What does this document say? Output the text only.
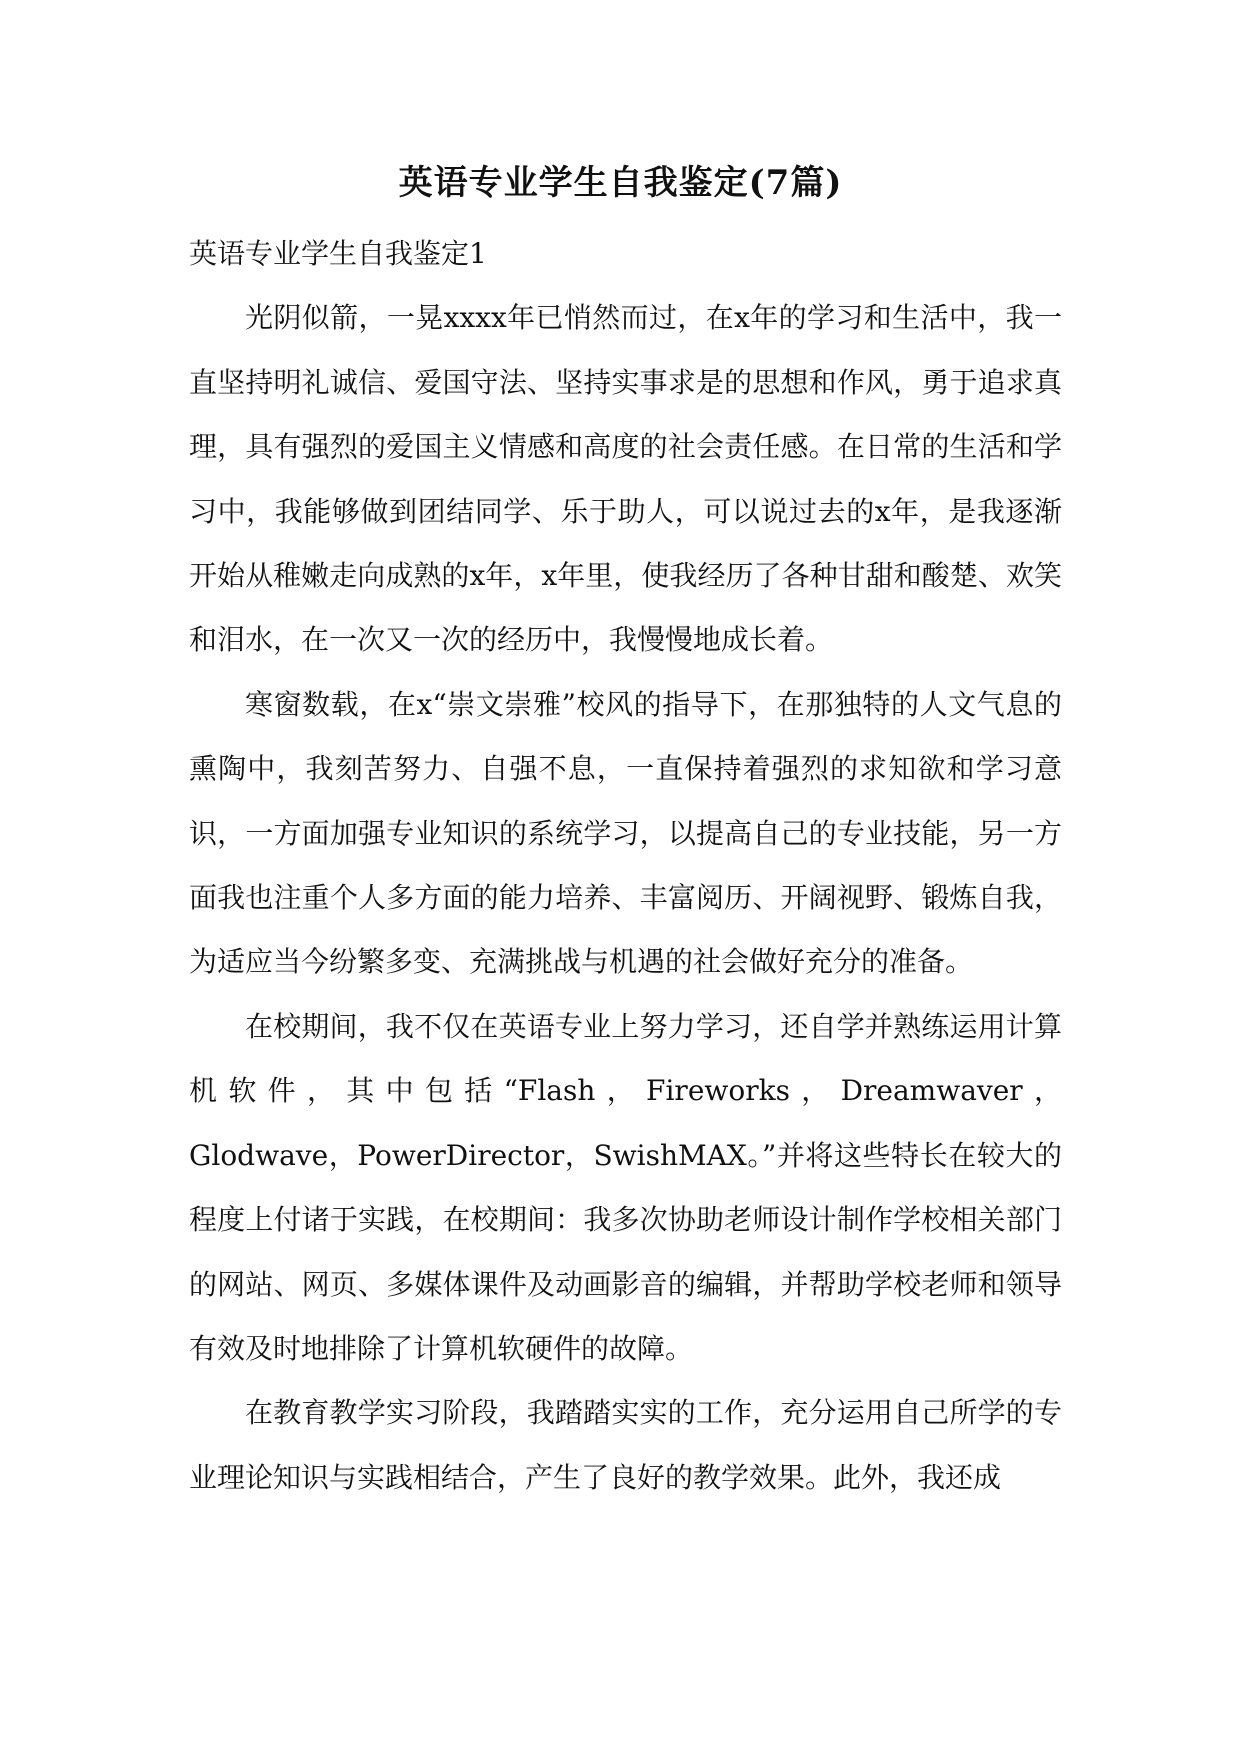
英语专业学生自我鉴定(7篇)

英语专业学生自我鉴定1

光阴似箭，一晃xxxx年已悄然而过，在x年的学习和生活中，我一直坚持明礼诚信、爱国守法、坚持实事求是的思想和作风，勇于追求真理，具有强烈的爱国主义情感和高度的社会责任感。在日常的生活和学习中，我能够做到团结同学、乐于助人，可以说过去的x年，是我逐渐开始从稚嫩走向成熟的x年，x年里，使我经历了各种甘甜和酸楚、欢笑和泪水，在一次又一次的经历中，我慢慢地成长着。

寒窗数载，在x“崇文崇雅”校风的指导下，在那独特的人文气息的熏陶中，我刻苦努力、自强不息，一直保持着强烈的求知欲和学习意识，一方面加强专业知识的系统学习，以提高自己的专业技能，另一方面我也注重个人多方面的能力培养、丰富阅历、开阔视野、锻炼自我，为适应当今纷繁多变、充满挑战与机遇的社会做好充分的准备。

在校期间，我不仅在英语专业上努力学习，还自学并熟练运用计算机软件，其中包括“Flash，Fireworks，Dreamwaver，Glodwave，PowerDirector，SwishMAX。”并将这些特长在较大的程度上付诸于实践，在校期间：我多次协助老师设计制作学校相关部门的网站、网页、多媒体课件及动画影音的编辑，并帮助学校老师和领导有效及时地排除了计算机软硬件的故障。

在教育教学实习阶段，我踏踏实实的工作，充分运用自己所学的专业理论知识与实践相结合，产生了良好的教学效果。此外，我还成
